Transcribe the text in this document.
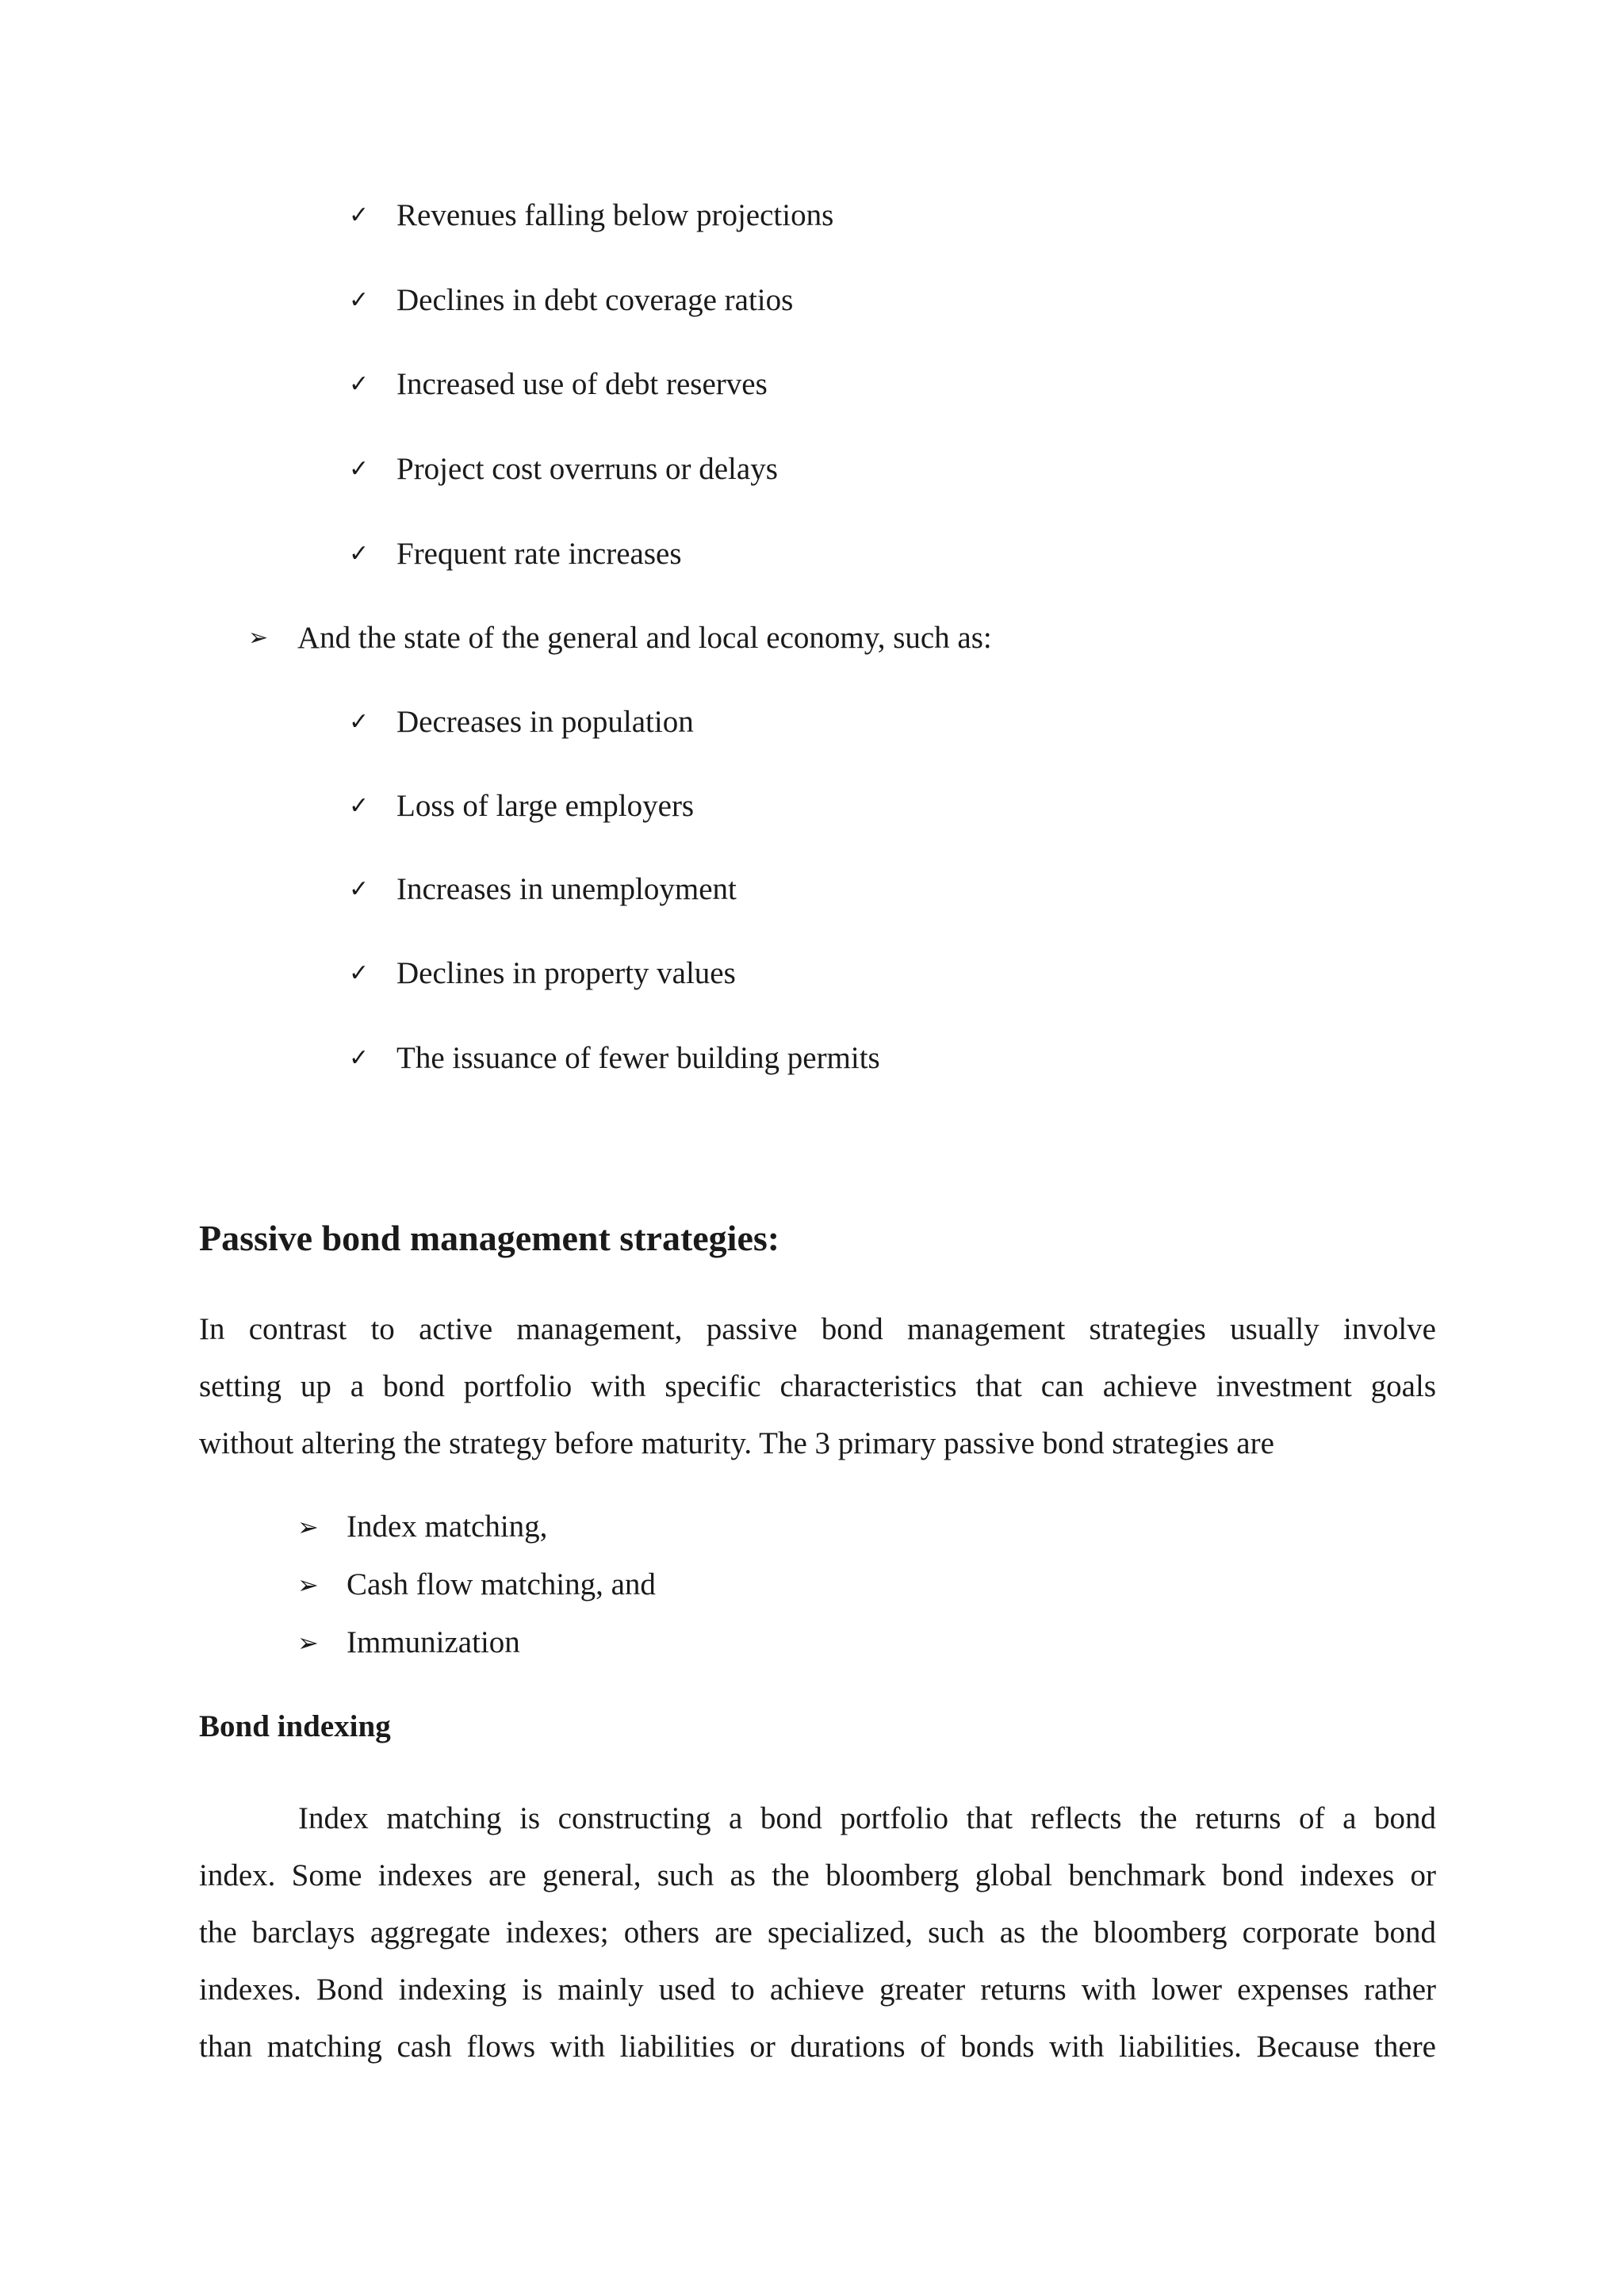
✓ Revenues falling below projections
✓ Declines in debt coverage ratios
✓ Increased use of debt reserves
✓ Project cost overruns or delays
✓ Frequent rate increases
➢ And the state of the general and local economy, such as:
✓ Decreases in population
✓ Loss of large employers
✓ Increases in unemployment
✓ Declines in property values
✓ The issuance of fewer building permits
Passive bond management strategies:
In contrast to active management, passive bond management strategies usually involve
setting up a bond portfolio with specific characteristics that can achieve investment goals
without altering the strategy before maturity. The 3 primary passive bond strategies are
➢ Index matching,
➢ Cash flow matching, and
➢ Immunization
Bond indexing
Index matching is constructing a bond portfolio that reflects the returns of a bond
index. Some indexes are general, such as the bloomberg global benchmark bond indexes or
the barclays aggregate indexes; others are specialized, such as the bloomberg corporate bond
indexes. Bond indexing is mainly used to achieve greater returns with lower expenses rather
than matching cash flows with liabilities or durations of bonds with liabilities. Because there
